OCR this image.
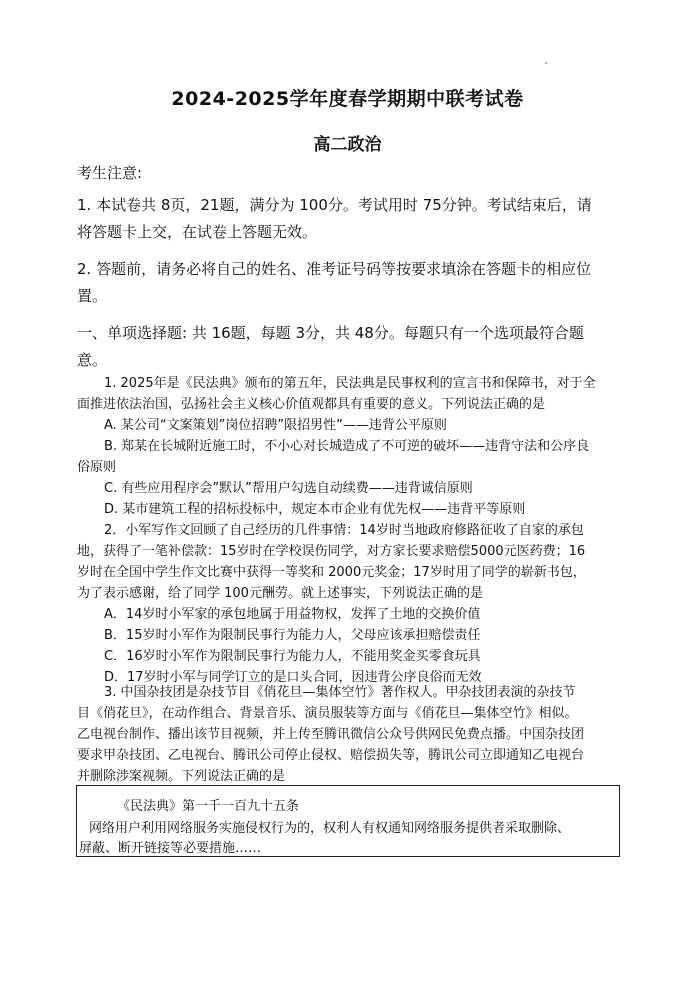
2024-2025学年度春学期期中联考试卷
高二政治
考生注意:
1. 本试卷共 8页，21题，满分为 100分。考试用时 75分钟。考试结束后，请
将答题卡上交，在试卷上答题无效。
2. 答题前，请务必将自己的姓名、准考证号码等按要求填涂在答题卡的相应位
置。
一、单项选择题: 共 16题，每题 3分，共 48分。每题只有一个选项最符合题
意。
1. 2025年是《民法典》颁布的第五年，民法典是民事权利的宣言书和保障书，对于全
面推进依法治国，弘扬社会主义核心价值观都具有重要的意义。下列说法正确的是
A. 某公司“文案策划”岗位招聘”限招男性”——违背公平原则
B. 郑某在长城附近施工时，不小心对长城造成了不可逆的破坏——违背守法和公序良
俗原则
C. 有些应用程序会”默认”帮用户勾选自动续费——违背诚信原则
D. 某市建筑工程的招标投标中，规定本市企业有优先权——违背平等原则
2．小军写作文回顾了自己经历的几件事情：14岁时当地政府修路征收了自家的承包
地，获得了一笔补偿款：15岁时在学校误伤同学，对方家长要求赔偿5000元医药费；16
岁时在全国中学生作文比赛中获得一等奖和 2000元奖金；17岁时用了同学的崭新书包，
为了表示感谢，给了同学 100元酬劳。就上述事实，下列说法正确的是
A．14岁时小军家的承包地属于用益物权，发挥了土地的交换价值
B．15岁时小军作为限制民事行为能力人，父母应该承担赔偿责任
C．16岁时小军作为限制民事行为能力人，不能用奖金买零食玩具
D．17岁时小军与同学订立的是口头合同，因违背公序良俗而无效
3. 中国杂技团是杂技节目《俏花旦—集体空竹》著作权人。甲杂技团表演的杂技节
目《俏花旦》，在动作组合、背景音乐、演员服装等方面与《俏花旦—集体空竹》相似。
乙电视台制作、播出该节目视频，并上传至腾讯微信公众号供网民免费点播。中国杂技团
要求甲杂技团、乙电视台、腾讯公司停止侵权、赔偿损失等，腾讯公司立即通知乙电视台
并删除涉案视频。下列说法正确的是
《民法典》第一千一百九十五条
网络用户利用网络服务实施侵权行为的，权利人有权通知网络服务提供者采取删除、
屏蔽、断开链接等必要措施……
